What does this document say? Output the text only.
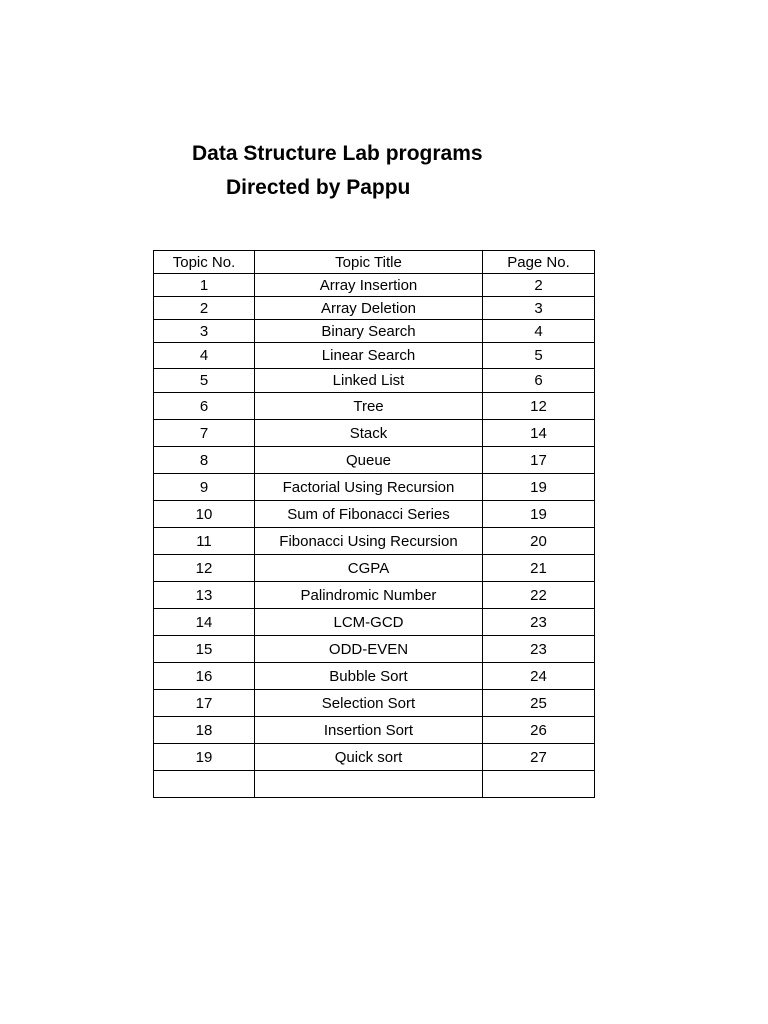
Data Structure Lab programs
Directed by Pappu
Topic No.	Topic Title	Page No.
1	Array Insertion	2
2	Array Deletion	3
3	Binary Search	4
4	Linear Search	5
5	Linked List	6
6	Tree	12
7	Stack	14
8	Queue	17
9	Factorial Using Recursion	19
10	Sum of Fibonacci Series	19
11	Fibonacci Using Recursion	20
12	CGPA	21
13	Palindromic Number	22
14	LCM-GCD	23
15	ODD-EVEN	23
16	Bubble Sort	24
17	Selection Sort	25
18	Insertion Sort	26
19	Quick sort	27
